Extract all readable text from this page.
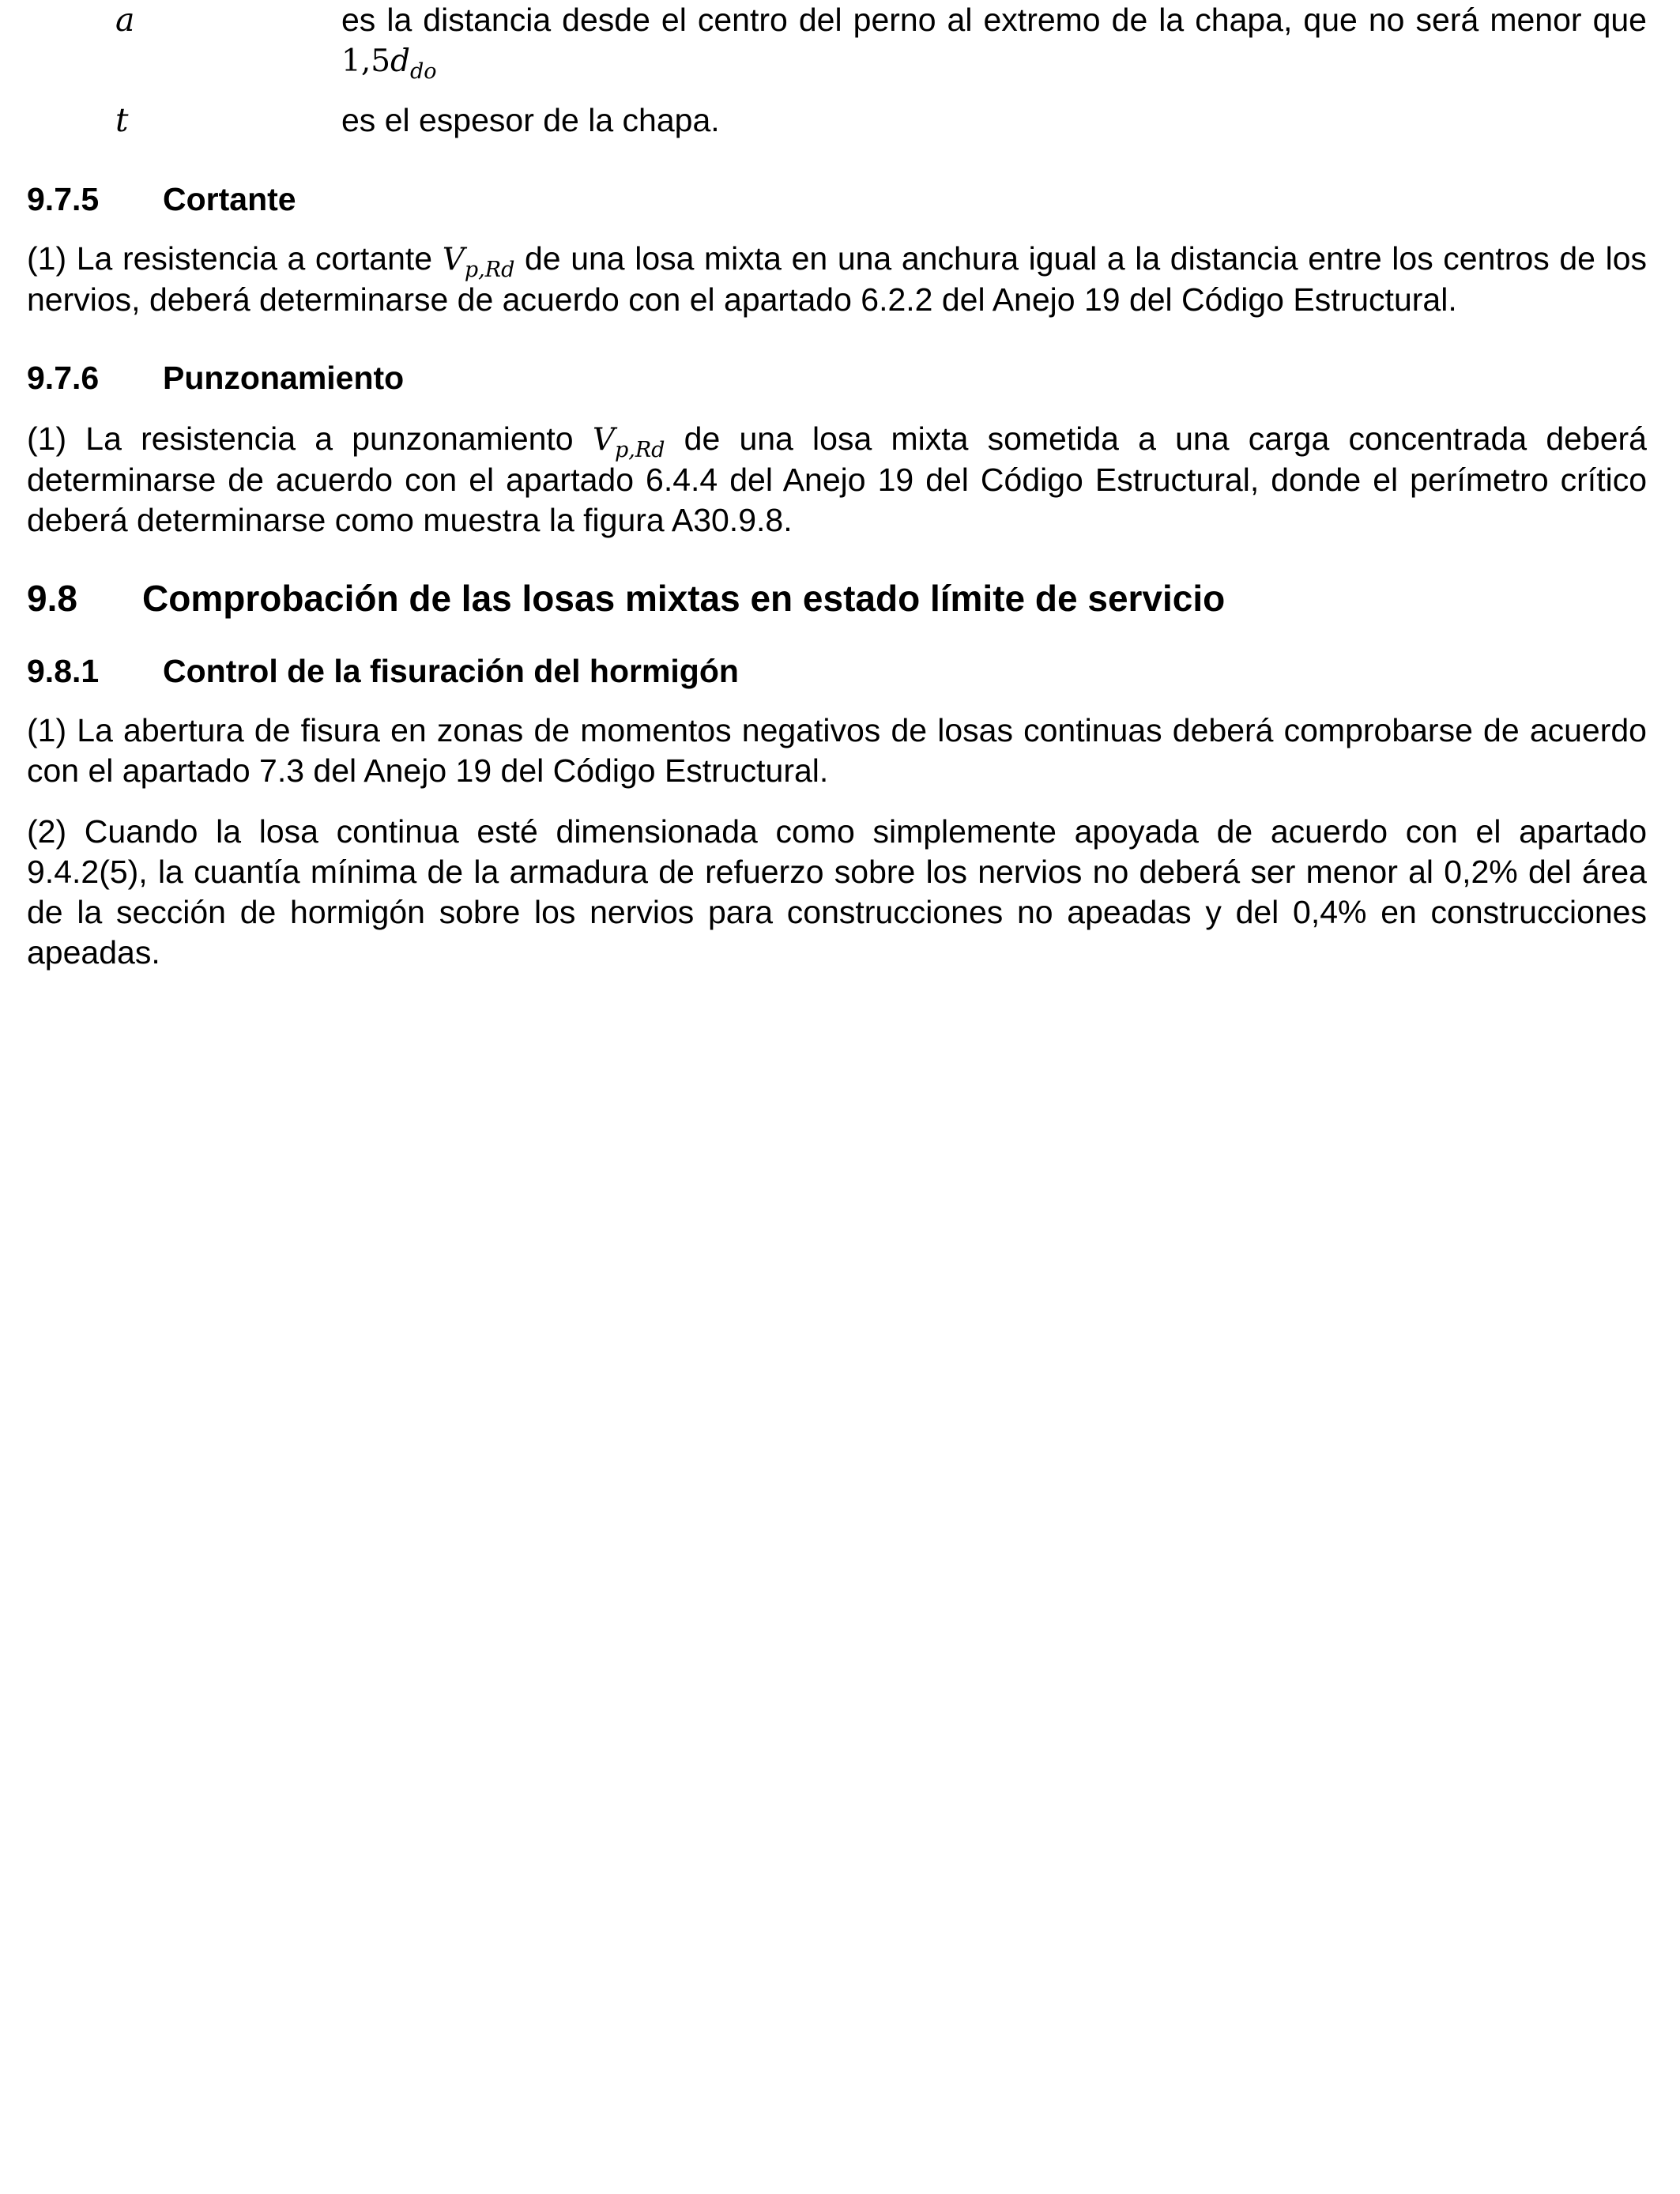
a	es la distancia desde el centro del perno al extremo de la chapa, que no será menor que $1,5d_{do}$
t	es el espesor de la chapa.
9.7.5 Cortante

(1) La resistencia a cortante $V_{p,Rd}$ de una losa mixta en una anchura igual a la distancia entre los centros de los nervios, deberá determinarse de acuerdo con el apartado 6.2.2 del Anejo 19 del Código Estructural.

9.7.6 Punzonamiento

(1) La resistencia a punzonamiento $V_{p,Rd}$ de una losa mixta sometida a una carga concentrada deberá determinarse de acuerdo con el apartado 6.4.4 del Anejo 19 del Código Estructural, donde el perímetro crítico deberá determinarse como muestra la figura A30.9.8.

9.8 Comprobación de las losas mixtas en estado límite de servicio
9.8.1 Control de la fisuración del hormigón

(1) La abertura de fisura en zonas de momentos negativos de losas continuas deberá comprobarse de acuerdo con el apartado 7.3 del Anejo 19 del Código Estructural.

(2) Cuando la losa continua esté dimensionada como simplemente apoyada de acuerdo con el apartado 9.4.2(5), la cuantía mínima de la armadura de refuerzo sobre los nervios no deberá ser menor al 0,2% del área de la sección de hormigón sobre los nervios para construcciones no apeadas y del 0,4% en construcciones apeadas.
